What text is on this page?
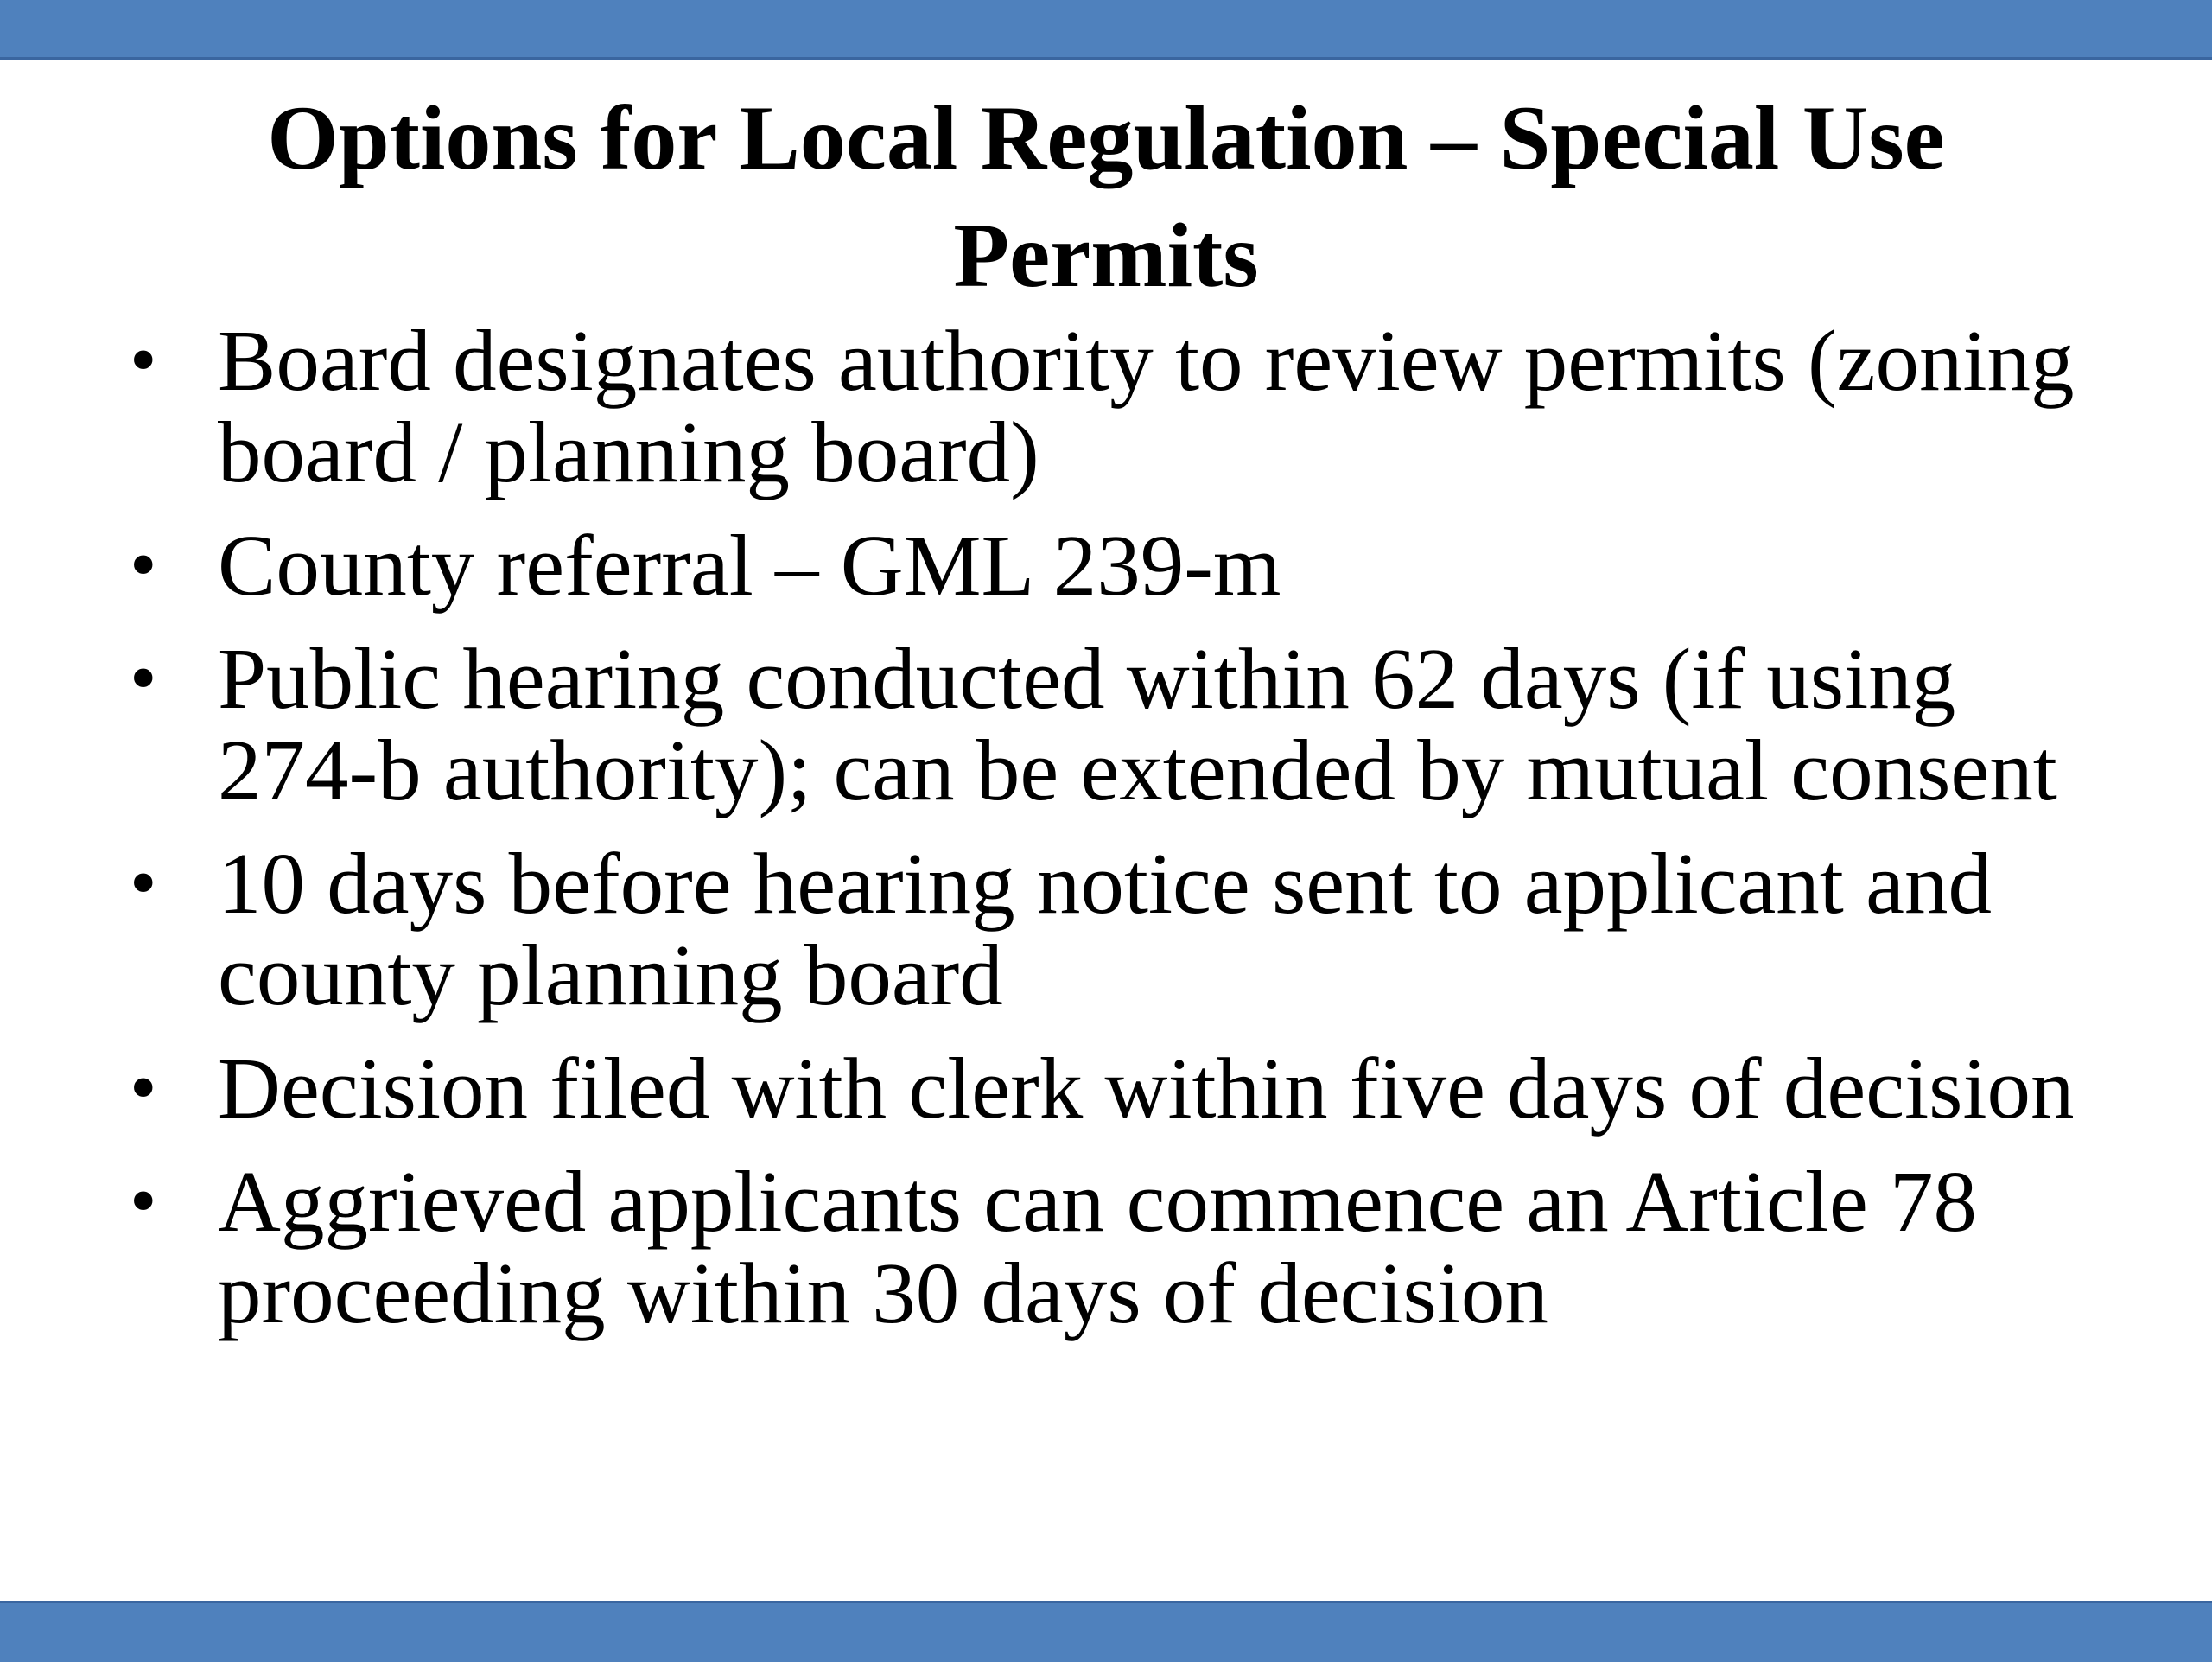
Options for Local Regulation – Special Use Permits
• Board designates authority to review permits (zoning board / planning board)
• County referral – GML 239-m
• Public hearing conducted within 62 days (if using 274-b authority); can be extended by mutual consent
• 10 days before hearing notice sent to applicant and county planning board
• Decision filed with clerk within five days of decision
• Aggrieved applicants can commence an Article 78 proceeding within 30 days of decision
